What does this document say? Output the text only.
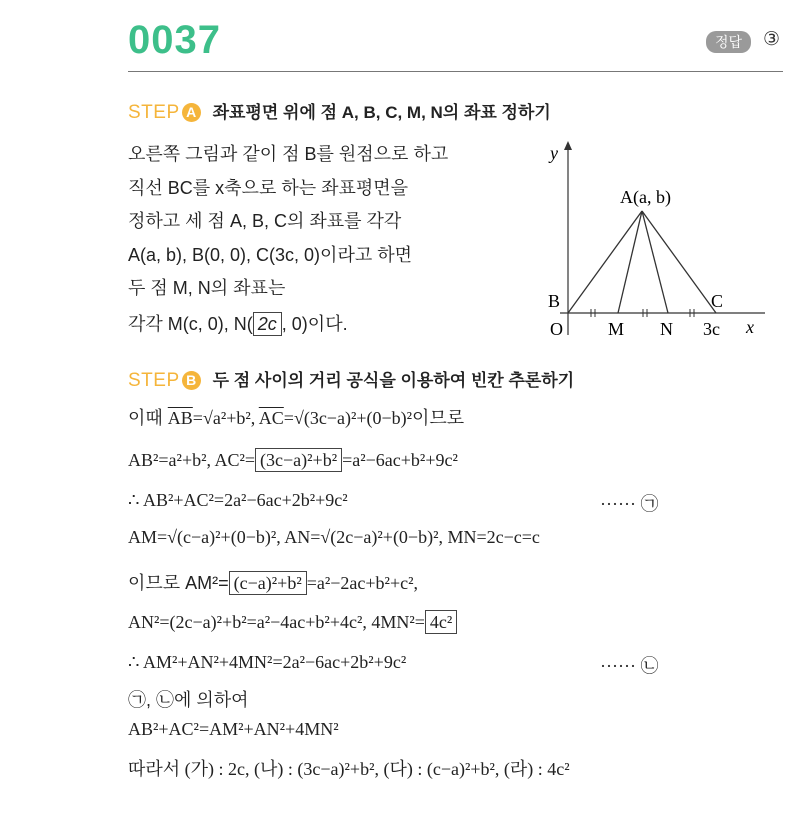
0037	정답	③
STEP A 좌표평면 위에 점 A, B, C, M, N의 좌표 정하기
오른쪽 그림과 같이 점 B를 원점으로 하고
직선 BC를 x축으로 하는 좌표평면을
정하고 세 점 A, B, C의 좌표를 각각
A(a, b), B(0, 0), C(3c, 0)이라고 하면
두 점 M, N의 좌표는
각각 M(c, 0), N( 2c , 0)이다.
y
x
A(a, b)
B	C
O	M N 3c
STEP B 두 점 사이의 거리 공식을 이용하여 빈칸 추론하기
이때 $\overline{AB}=√a^2+b^2$, $\overline{AC}=√(3c-a)^2+(0-b)^2$이므로
AB²=a²+b², AC²= (3c−a)²+b² =a²−6ac+b²+9c²
∴ AB²+AC²=2a²−6ac+2b²+9c²	······ ㉠
AM=√(c−a)²+(0−b)², AN=√(2c−a)²+(0−b)², MN=2c−c=c
이므로 AM²= (c−a)²+b² =a²−2ac+b²+c²,
AN²=(2c−a)²+b²=a²−4ac+b²+4c², 4MN²= 4c²
∴ AM²+AN²+4MN²=2a²−6ac+2b²+9c²	······ ㉡
㉠, ㉡에 의하여
AB²+AC²=AM²+AN²+4MN²
따라서 (가) : 2c, (나) : (3c−a)²+b², (다) : (c−a)²+b², (라) : 4c²
